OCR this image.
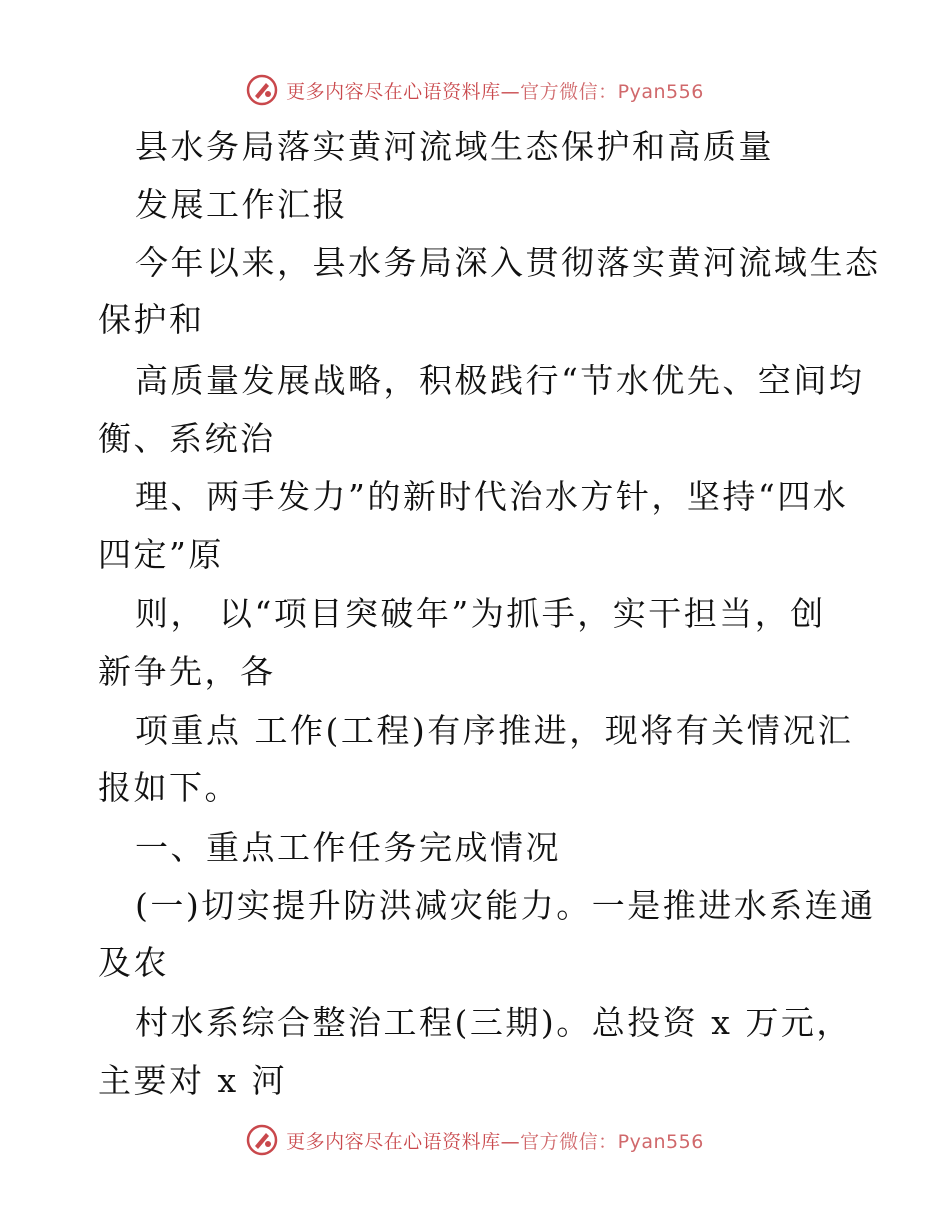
更多内容尽在心语资料库—官方微信：Pyan556
县水务局落实黄河流域生态保护和高质量
发展工作汇报
今年以来，县水务局深入贯彻落实黄河流域生态
保护和
高质量发展战略，积极践行“节水优先、空间均
衡、系统治
理、两手发力”的新时代治水方针，坚持“四水
四定”原
则， 以“项目突破年”为抓手，实干担当，创
新争先，各
项重点 工作(工程)有序推进，现将有关情况汇
报如下。
一、重点工作任务完成情况
(一)切实提升防洪减灾能力。一是推进水系连通
及农
村水系综合整治工程(三期)。总投资 x 万元，
主要对 x 河
更多内容尽在心语资料库—官方微信：Pyan556
